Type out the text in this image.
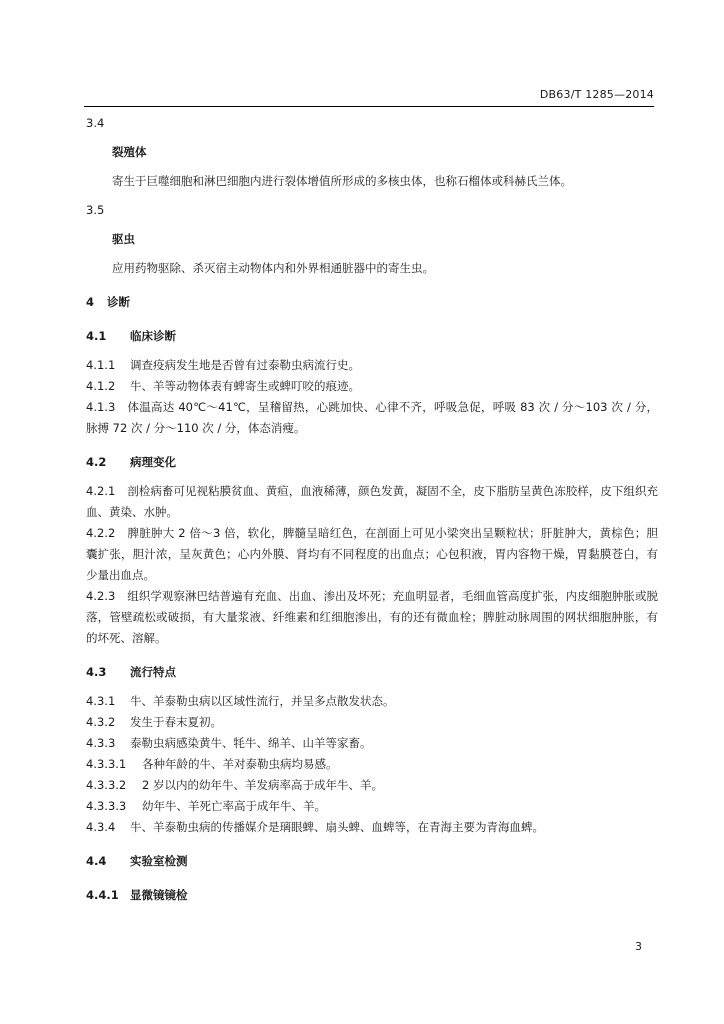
DB63/T 1285—2014
3.4
裂殖体
寄生于巨噬细胞和淋巴细胞内进行裂体增值所形成的多核虫体，也称石榴体或科赫氏兰体。
3.5
驱虫
应用药物驱除、杀灭宿主动物体内和外界相通脏器中的寄生虫。
4 诊断
4.1 临床诊断
4.1.1 调查疫病发生地是否曾有过泰勒虫病流行史。
4.1.2 牛、羊等动物体表有蜱寄生或蜱叮咬的痕迹。
4.1.3 体温高达 40℃～41℃，呈稽留热，心跳加快、心律不齐，呼吸急促，呼吸 83 次 / 分～103 次 / 分，脉搏 72 次 / 分～110 次 / 分，体态消瘦。
4.2 病理变化
4.2.1 剖检病畜可见视粘膜贫血、黄疸，血液稀薄，颜色发黄，凝固不全，皮下脂肪呈黄色冻胶样，皮下组织充血、黄染、水肿。
4.2.2 脾脏肿大 2 倍～3 倍，软化，脾髓呈暗红色，在剖面上可见小梁突出呈颗粒状；肝脏肿大，黄棕色；胆囊扩张，胆汁浓，呈灰黄色；心内外膜、肾均有不同程度的出血点；心包积液，胃内容物干燥，胃黏膜苍白，有少量出血点。
4.2.3 组织学观察淋巴结普遍有充血、出血、渗出及坏死；充血明显者，毛细血管高度扩张，内皮细胞肿胀或脱落，管壁疏松或破损，有大量浆液、纤维素和红细胞渗出，有的还有微血栓；脾脏动脉周围的网状细胞肿胀，有的坏死、溶解。
4.3 流行特点
4.3.1 牛、羊泰勒虫病以区域性流行，并呈多点散发状态。
4.3.2 发生于春末夏初。
4.3.3 泰勒虫病感染黄牛、牦牛、绵羊、山羊等家畜。
4.3.3.1 各种年龄的牛、羊对泰勒虫病均易感。
4.3.3.2 2 岁以内的幼年牛、羊发病率高于成年牛、羊。
4.3.3.3 幼年牛、羊死亡率高于成年牛、羊。
4.3.4 牛、羊泰勒虫病的传播媒介是璃眼蜱、扇头蜱、血蜱等，在青海主要为青海血蜱。
4.4 实验室检测
4.4.1 显微镜镜检
3
